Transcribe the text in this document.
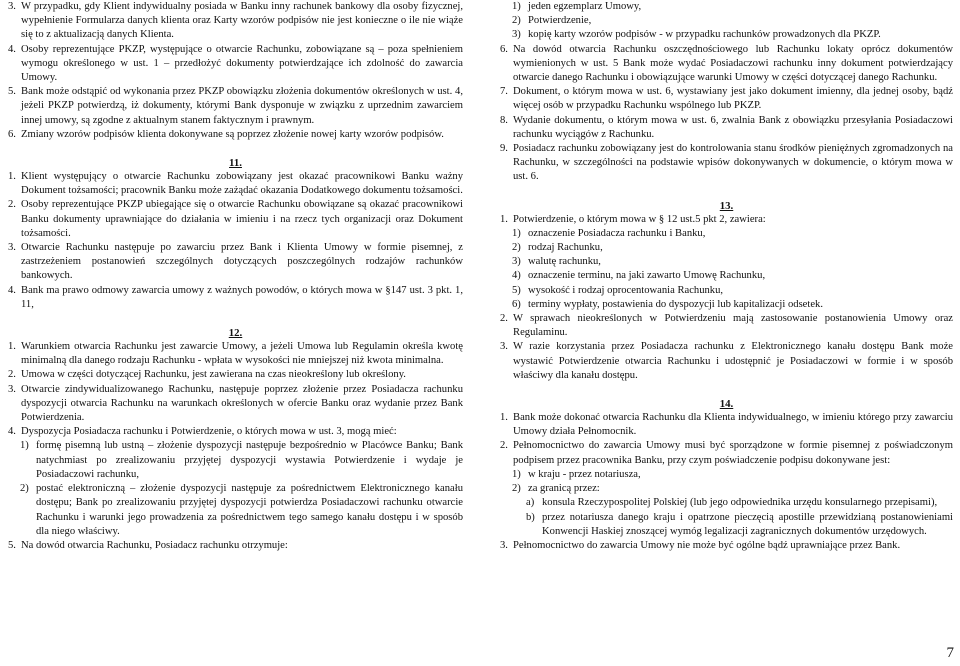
3. W przypadku, gdy Klient indywidualny posiada w Banku inny rachunek bankowy dla osoby fizycznej, wypełnienie Formularza danych klienta oraz Karty wzorów podpisów nie jest konieczne o ile nie wiąże się to z aktualizacją danych Klienta.
4. Osoby reprezentujące PKZP, występujące o otwarcie Rachunku, zobowiązane są – poza spełnieniem wymogu określonego w ust. 1 – przedłożyć dokumenty potwierdzające ich zdolność do zawarcia Umowy.
5. Bank może odstąpić od wykonania przez PKZP obowiązku złożenia dokumentów określonych w ust. 4, jeżeli PKZP potwierdzą, iż dokumenty, którymi Bank dysponuje w związku z uprzednim zawarciem innej umowy, są zgodne z aktualnym stanem faktycznym i prawnym.
6. Zmiany wzorów podpisów klienta dokonywane są poprzez złożenie nowej karty wzorów podpisów.
11.
1. Klient występujący o otwarcie Rachunku zobowiązany jest okazać pracownikowi Banku ważny Dokument tożsamości; pracownik Banku może zażądać okazania Dodatkowego dokumentu tożsamości.
2. Osoby reprezentujące PKZP ubiegające się o otwarcie Rachunku obowiązane są okazać pracownikowi Banku dokumenty uprawniające do działania w imieniu i na rzecz tych organizacji oraz Dokument tożsamości.
3. Otwarcie Rachunku następuje po zawarciu przez Bank i Klienta Umowy w formie pisemnej, z zastrzeżeniem postanowień szczególnych dotyczących poszczególnych rodzajów rachunków bankowych.
4. Bank ma prawo odmowy zawarcia umowy z ważnych powodów, o których mowa w §147 ust. 3 pkt. 1, 11,
12.
1. Warunkiem otwarcia Rachunku jest zawarcie Umowy, a jeżeli Umowa lub Regulamin określa kwotę minimalną dla danego rodzaju Rachunku - wpłata w wysokości nie mniejszej niż kwota minimalna.
2. Umowa w części dotyczącej Rachunku, jest zawierana na czas nieokreślony lub określony.
3. Otwarcie zindywidualizowanego Rachunku, następuje poprzez złożenie przez Posiadacza rachunku dyspozycji otwarcia Rachunku na warunkach określonych w ofercie Banku oraz wydanie przez Bank Potwierdzenia.
4. Dyspozycja Posiadacza rachunku i Potwierdzenie, o których mowa w ust. 3, mogą mieć:
1) formę pisemną lub ustną – złożenie dyspozycji następuje bezpośrednio w Placówce Banku; Bank natychmiast po zrealizowaniu przyjętej dyspozycji wystawia Potwierdzenie i wydaje je Posiadaczowi rachunku,
2) postać elektroniczną – złożenie dyspozycji następuje za pośrednictwem Elektronicznego kanału dostępu; Bank po zrealizowaniu przyjętej dyspozycji potwierdza Posiadaczowi rachunku otwarcie Rachunku i warunki jego prowadzenia za pośrednictwem tego samego kanału dostępu i w sposób dla niego właściwy.
5. Na dowód otwarcia Rachunku, Posiadacz rachunku otrzymuje:
1) jeden egzemplarz Umowy,
2) Potwierdzenie,
3) kopię karty wzorów podpisów - w przypadku rachunków prowadzonych dla PKZP.
6. Na dowód otwarcia Rachunku oszczędnościowego lub Rachunku lokaty oprócz dokumentów wymienionych w ust. 5 Bank może wydać Posiadaczowi rachunku inny dokument potwierdzający otwarcie danego Rachunku i obowiązujące warunki Umowy w części dotyczącej danego Rachunku.
7. Dokument, o którym mowa w ust. 6, wystawiany jest jako dokument imienny, dla jednej osoby, bądź więcej osób w przypadku Rachunku wspólnego lub PKZP.
8. Wydanie dokumentu, o którym mowa w ust. 6, zwalnia Bank z obowiązku przesyłania Posiadaczowi rachunku wyciągów z Rachunku.
9. Posiadacz rachunku zobowiązany jest do kontrolowania stanu środków pieniężnych zgromadzonych na Rachunku, w szczególności na podstawie wpisów dokonywanych w dokumencie, o którym mowa w ust. 6.
13.
1. Potwierdzenie, o którym mowa w § 12 ust.5 pkt 2, zawiera:
1) oznaczenie Posiadacza rachunku i Banku,
2) rodzaj Rachunku,
3) walutę rachunku,
4) oznaczenie terminu, na jaki zawarto Umowę Rachunku,
5) wysokość i rodzaj oprocentowania Rachunku,
6) terminy wypłaty, postawienia do dyspozycji lub kapitalizacji odsetek.
2. W sprawach nieokreślonych w Potwierdzeniu mają zastosowanie postanowienia Umowy oraz Regulaminu.
3. W razie korzystania przez Posiadacza rachunku z Elektronicznego kanału dostępu Bank może wystawić Potwierdzenie otwarcia Rachunku i udostępnić je Posiadaczowi w formie i w sposób właściwy dla kanału dostępu.
14.
1. Bank może dokonać otwarcia Rachunku dla Klienta indywidualnego, w imieniu którego przy zawarciu Umowy działa Pełnomocnik.
2. Pełnomocnictwo do zawarcia Umowy musi być sporządzone w formie pisemnej z poświadczonym podpisem przez pracownika Banku, przy czym poświadczenie podpisu dokonywane jest:
1) w kraju - przez notariusza,
2) za granicą przez:
a) konsula Rzeczypospolitej Polskiej (lub jego odpowiednika urzędu konsularnego przepisami),
b) przez notariusza danego kraju i opatrzone pieczęcią apostille przewidzianą postanowieniami Konwencji Haskiej znoszącej wymóg legalizacji zagranicznych dokumentów urzędowych.
3. Pełnomocnictwo do zawarcia Umowy nie może być ogólne bądź uprawniające przez Bank.
7
